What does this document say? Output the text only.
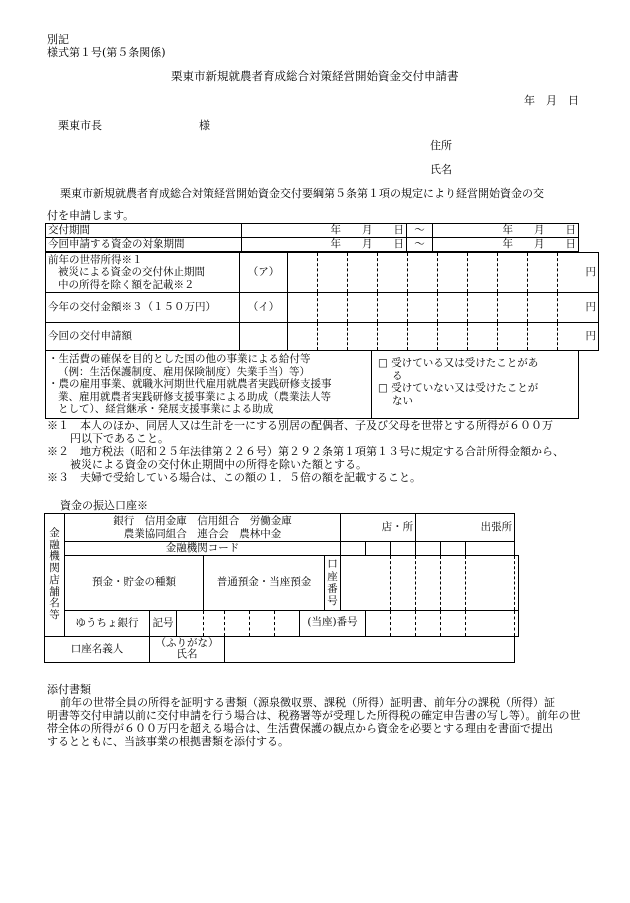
別記
様式第１号(第５条関係)
栗東市新規就農者育成総合対策経営開始資金交付申請書
年　月　日
栗東市長	様
住所
氏名
栗東市新規就農者育成総合対策経営開始資金交付要綱第５条第１項の規定により経営開始資金の交
付を申請します。
交付期間	年　　月　　日	～	年　　月　　日
今回申請する資金の対象期間	年　　月　　日	～	年　　月　　日
前年の世帯所得※１
被災による資金の交付休止期間
中の所得を除く額を記載※２	（ア）										円
今年の交付金額※３（１５０万円）	（イ）										円
今回の交付申請額											円
・生活費の確保を目的とした国の他の事業による給付等
（例：生活保護制度、雇用保険制度）失業手当）等）
・農の雇用事業、就職氷河期世代雇用就農者実践研修支援事
業、雇用就農者実践研修支援事業による助成（農業法人等
として）、経営継承・発展支援事業による助成

□ 受けている又は受けたことがあ
る
□ 受けていない又は受けたことが
ない
※１　本人のほか、同居人又は生計を一にする別居の配偶者、子及び父母を世帯とする所得が６００万
円以下であること。
※２　地方税法（昭和２５年法律第２２６号）第２９２条第１項第１３号に規定する合計所得金額から、
被災による資金の交付休止期間中の所得を除いた額とする。
※３　夫婦で受給している場合は、この額の１．５倍の額を記載すること。
資金の振込口座※
金融機関店舗名等	銀行　信用金庫　信用組合　労働金庫
農業協同組合　連合会　農林中金									店・所			出張所			
	金融機関コード															
	預金・貯金の種類			普通預金・当座預金					口座番号							

	ゆうちょ銀行	記号						(当座)番号								
口座名義人		（ふりがな）
氏名														

添付書類
前年の世帯全員の所得を証明する書類（源泉徴収票、課税（所得）証明書、前年分の課税（所得）証
明書等交付申請以前に交付申請を行う場合は、税務署等が受理した所得税の確定申告書の写し等）。前年の世
帯全体の所得が６００万円を超える場合は、生活費保護の観点から資金を必要とする理由を書面で提出
するとともに、当該事業の根拠書類を添付する。
